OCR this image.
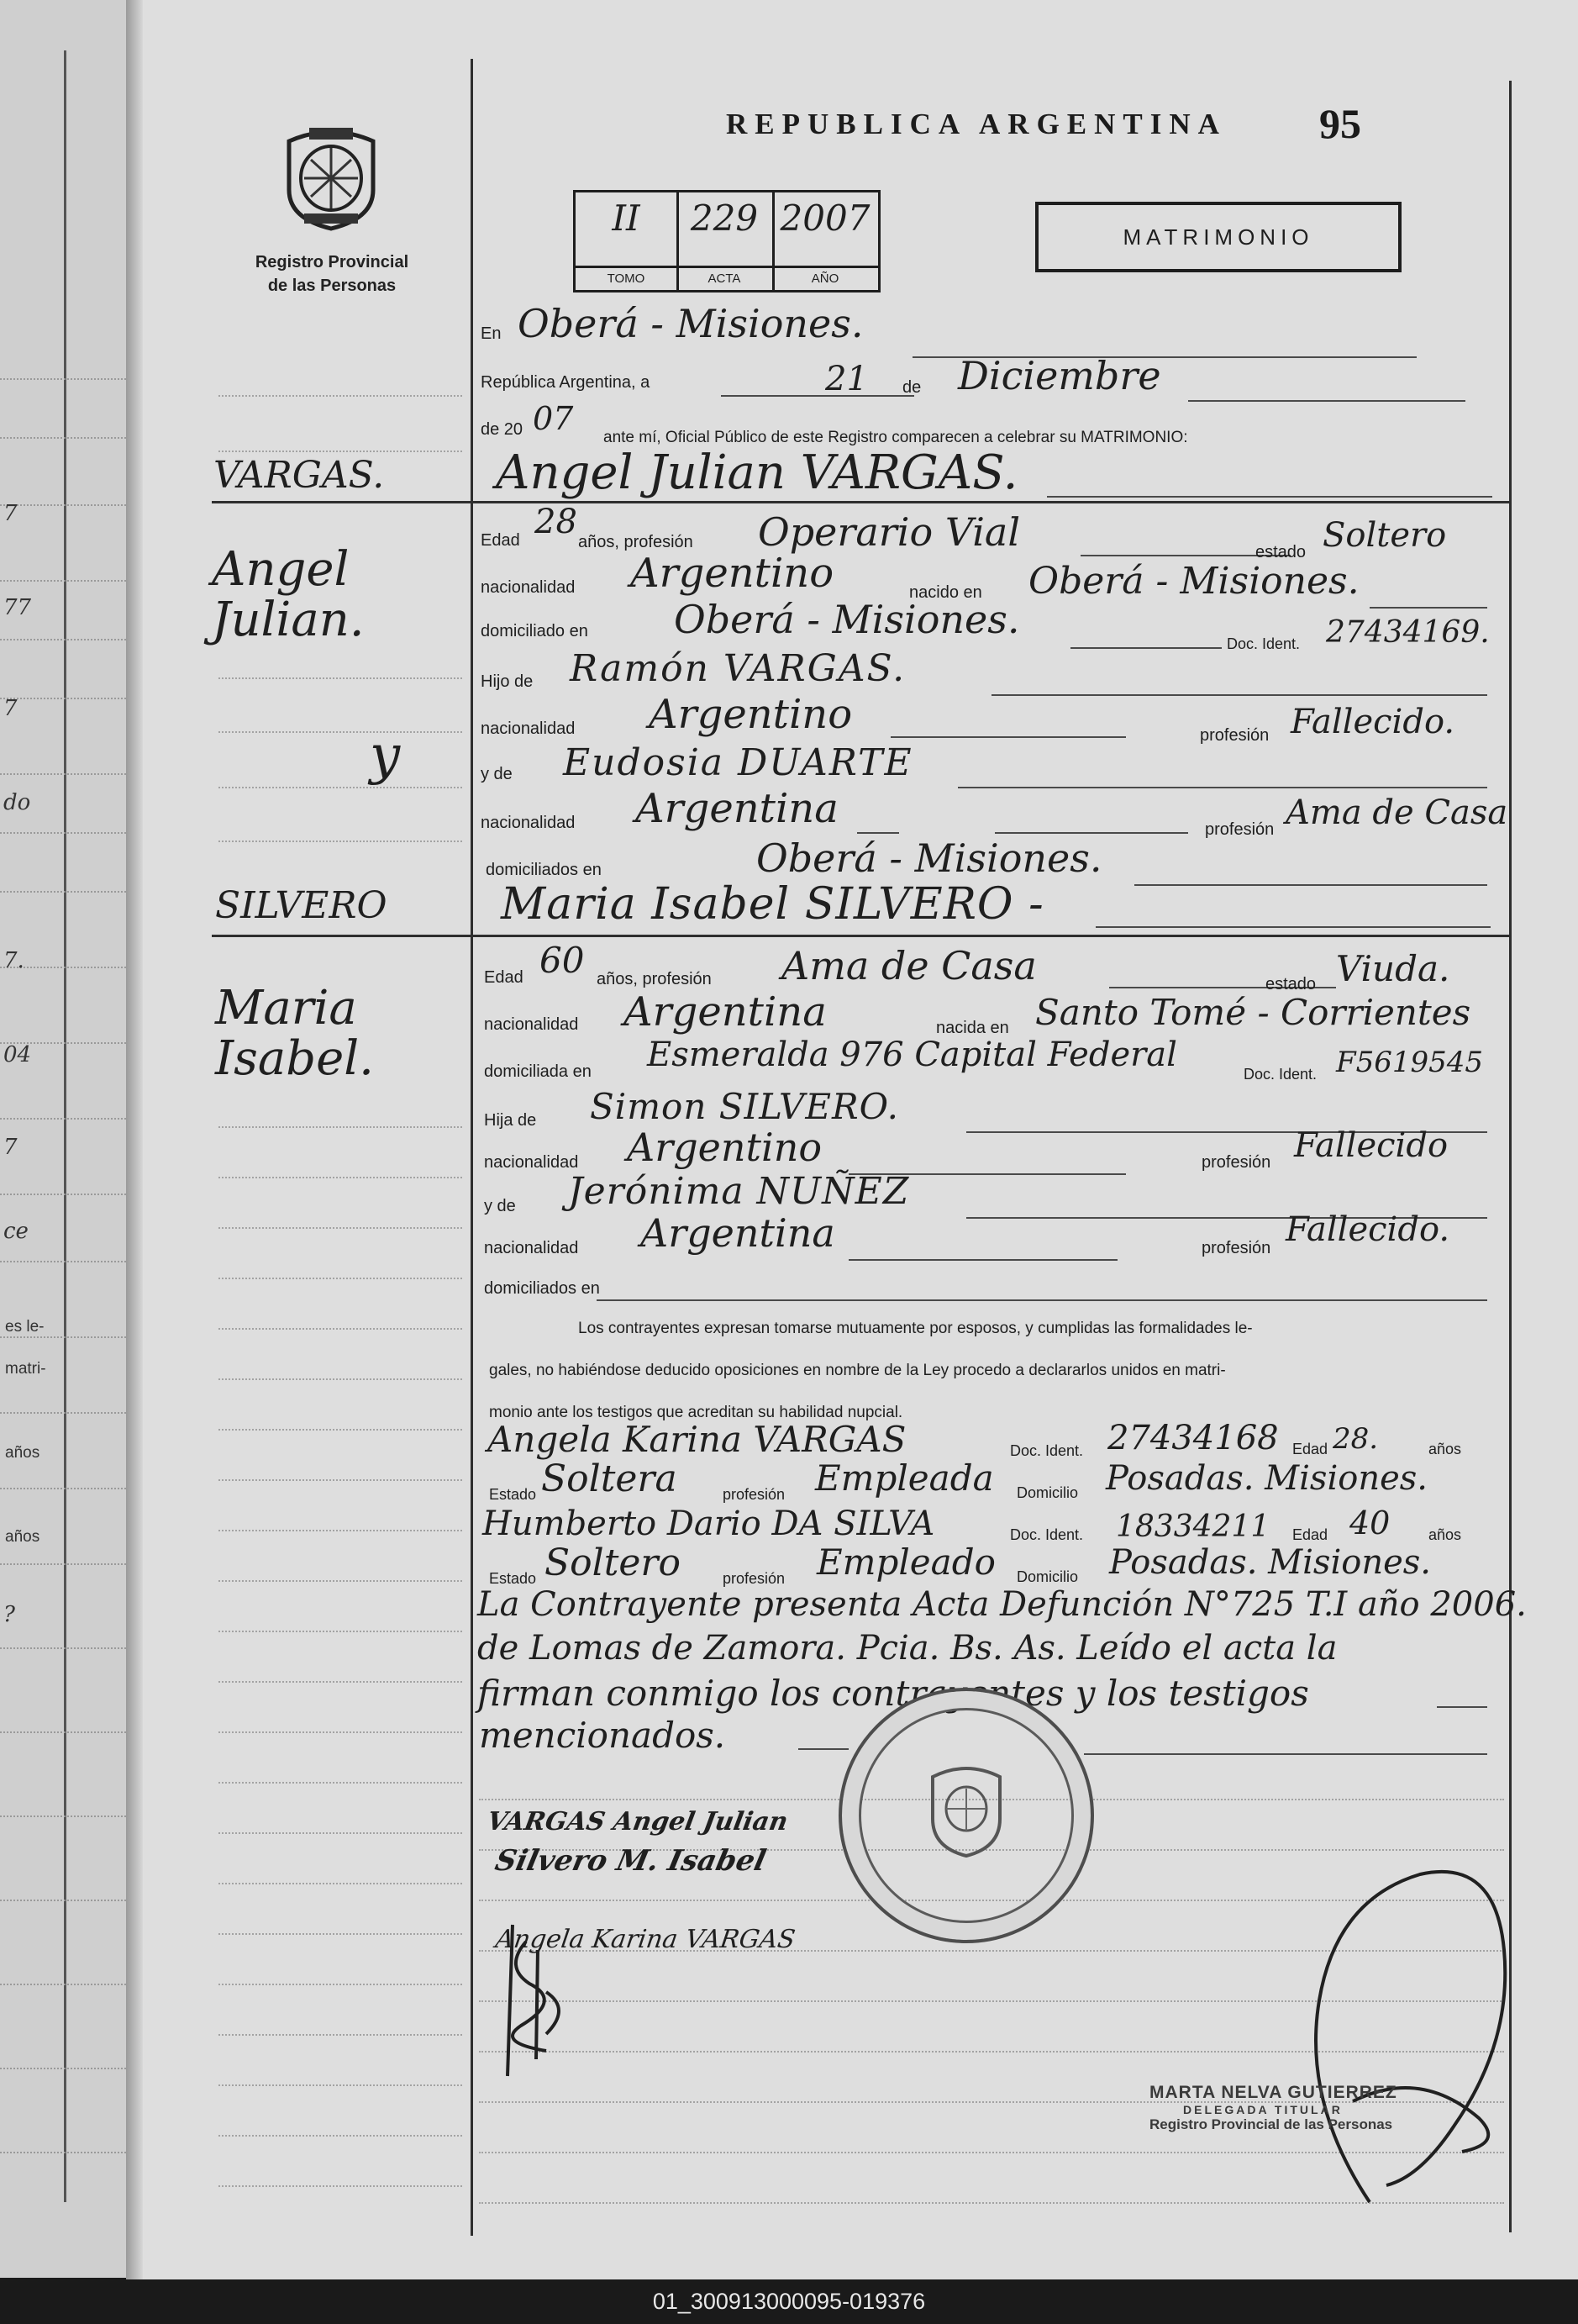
7
77
7
do
7.
04
7
ce
es le-
matri-
años
años
?
Registro Provincial
de las Personas
REPUBLICA ARGENTINA 95
MATRIMONIO
II
TOMO
229
ACTA
2007
AÑO
VARGAS.
Angel
Julian.
y
SILVERO
Maria
Isabel.
En Oberá - Misiones.
República Argentina, a	21 de Diciembre
de 20 07
ante mí, Oficial Público de este Registro comparecen a celebrar su MATRIMONIO:
Angel Julian VARGAS.
Edad 28
años, profesión Operario Vial	estado Soltero
nacionalidad Argentino	nacido en Oberá - Misiones.
domiciliado en Oberá - Misiones.
Doc. Ident. 27434169.
Hijo de Ramón VARGAS.
nacionalidad Argentino	profesión Fallecido.
y de Eudosia DUARTE
nacionalidad Argentina	profesión Ama de Casa
domiciliados en	Oberá - Misiones.
Maria Isabel SILVERO -
Edad 60 años, profesión Ama de Casa	estado Viuda.
nacionalidad Argentina	nacida en Santo Tomé - Corrientes
domiciliada en Esmeralda 976 Capital Federal	Doc. Ident. F5619545
Hija de Simon SILVERO.
nacionalidad Argentino	profesión Fallecido
y de Jerónima NUÑEZ
nacionalidad Argentina	profesión Fallecido.
domiciliados en
Los contrayentes expresan tomarse mutuamente por esposos, y cumplidas las formalidades le-
gales, no habiéndose deducido oposiciones en nombre de la Ley procedo a declararlos unidos en matri-
monio ante los testigos que acreditan su habilidad nupcial.
Angela Karina VARGAS	Doc. Ident. 27434168 Edad 28.	años
Estado Soltera	profesión Empleada Domicilio Posadas. Misiones.
Humberto Dario DA SILVA	Doc. Ident. 18334211 Edad 40	años
Estado Soltero	profesión Empleado Domicilio Posadas. Misiones.
La Contrayente presenta Acta Defunción N°725 T.I año 2006.
de Lomas de Zamora. Pcia. Bs. As. Leído el acta la
firman conmigo los contrayentes y los testigos
mencionados.
VARGAS Angel Julian
Silvero M. Isabel
Angela Karina VARGAS
MARTA NELVA GUTIERREZ
DELEGADA TITULAR
Registro Provincial de las Personas
01_300913000095-019376
